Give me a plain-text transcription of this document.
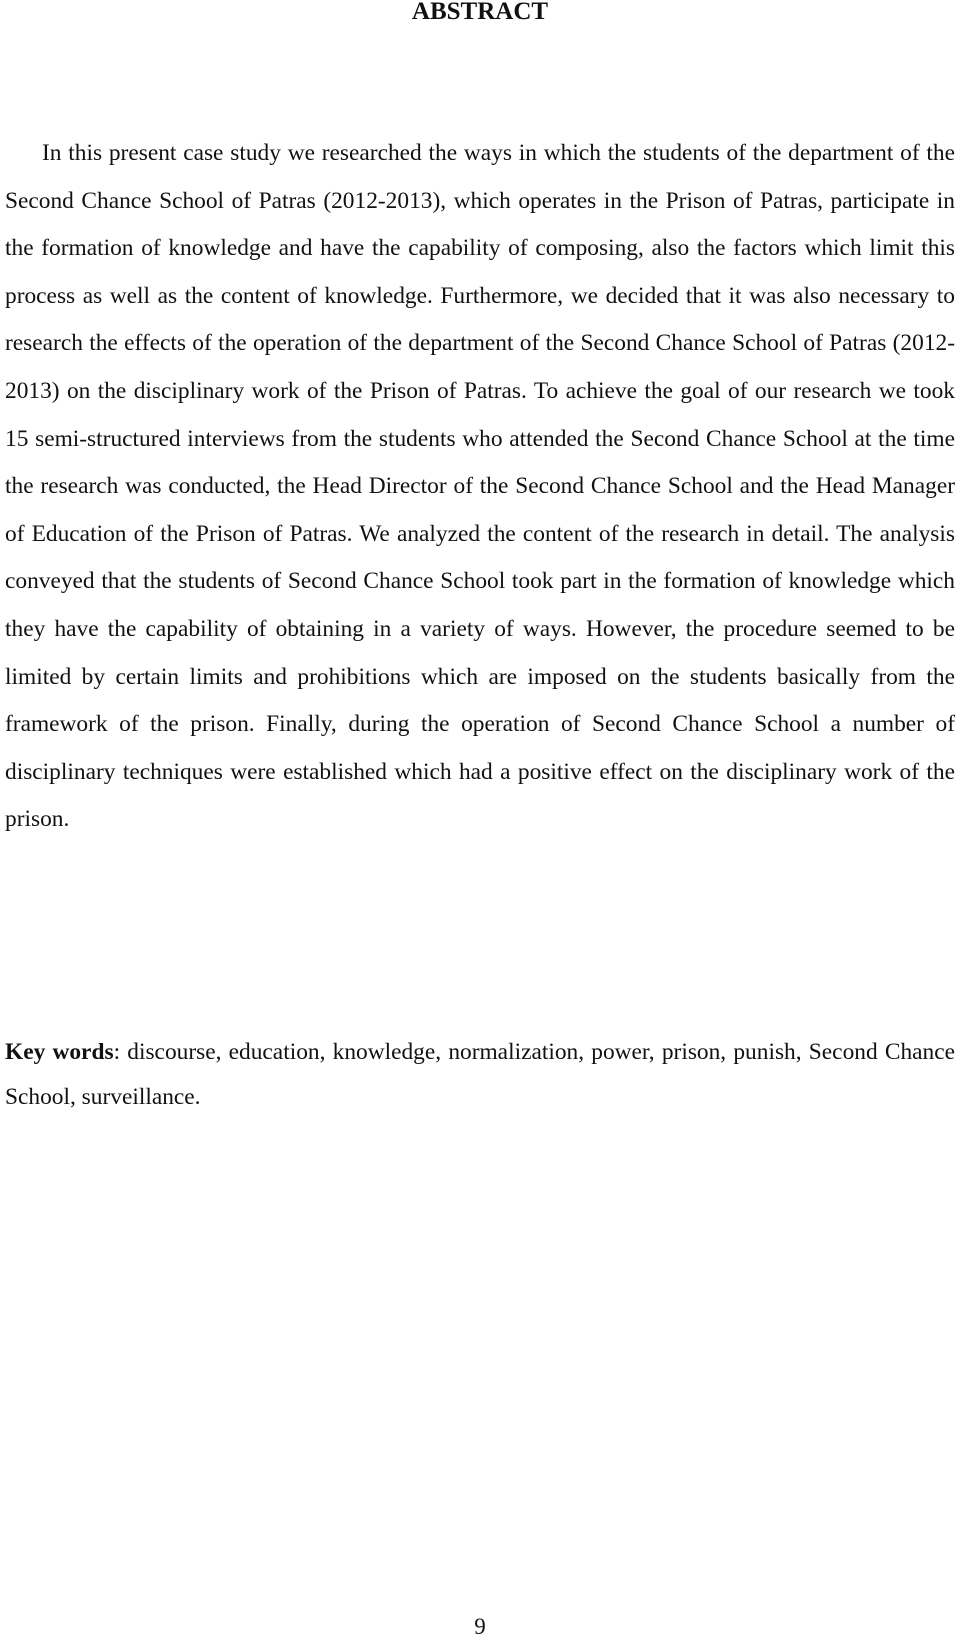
ABSTRACT

In this present case study we researched the ways in which the students of the department of the Second Chance School of Patras (2012-2013), which operates in the Prison of Patras, participate in the formation of knowledge and have the capability of composing, also the factors which limit this process as well as the content of knowledge. Furthermore, we decided that it was also necessary to research the effects of the operation of the department of the Second Chance School of Patras (2012-2013) on the disciplinary work of the Prison of Patras. To achieve the goal of our research we took 15 semi-structured interviews from the students who attended the Second Chance School at the time the research was conducted, the Head Director of the Second Chance School and the Head Manager of Education of the Prison of Patras. We analyzed the content of the research in detail. The analysis conveyed that the students of Second Chance School took part in the formation of knowledge which they have the capability of obtaining in a variety of ways. However, the procedure seemed to be limited by certain limits and prohibitions which are imposed on the students basically from the framework of the prison. Finally, during the operation of Second Chance School a number of disciplinary techniques were established which had a positive effect on the disciplinary work of the prison.

Key words: discourse, education, knowledge, normalization, power, prison, punish, Second Chance School, surveillance.

9
